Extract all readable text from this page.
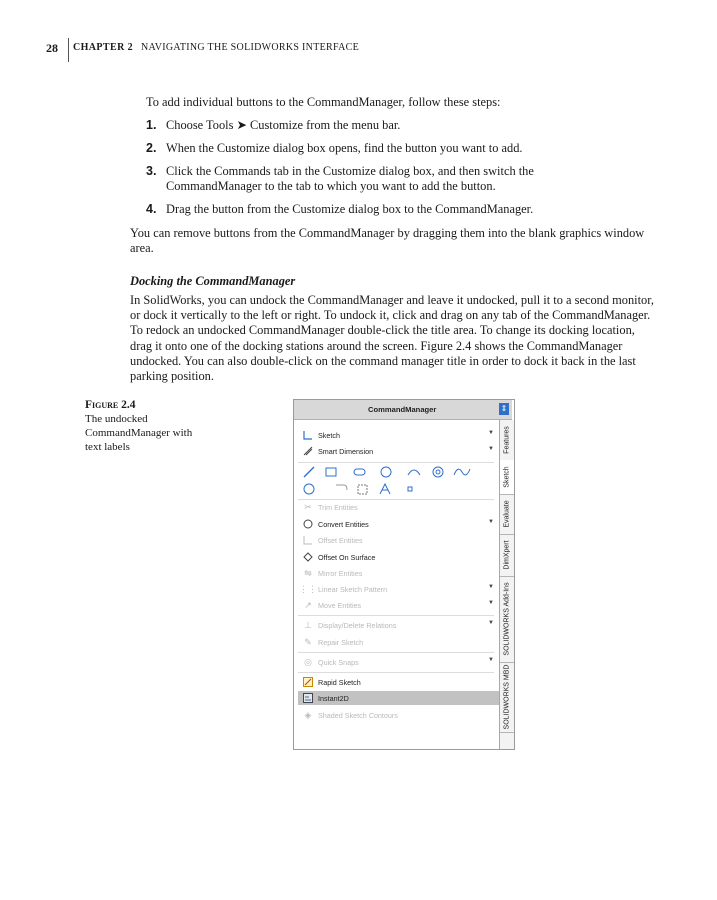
28	CHAPTER 2 NAVIGATING THE SOLIDWORKS INTERFACE
To add individual buttons to the CommandManager, follow these steps:
1. Choose Tools ➤ Customize from the menu bar.
2. When the Customize dialog box opens, find the button you want to add.
3. Click the Commands tab in the Customize dialog box, and then switch the CommandManager to the tab to which you want to add the button.
4. Drag the button from the Customize dialog box to the CommandManager.
You can remove buttons from the CommandManager by dragging them into the blank graphics window area.
Docking the CommandManager
In SolidWorks, you can undock the CommandManager and leave it undocked, pull it to a second monitor, or dock it vertically to the left or right. To undock it, click and drag on any tab of the CommandManager. To redock an undocked CommandManager double-click the title area. To change its docking location, drag it onto one of the docking stations around the screen. Figure 2.4 shows the CommandManager undocked. You can also double-click on the command manager title in order to dock it back in the last parking position.
Figure 2.4
The undocked CommandManager with text labels
CommandManager	⇕
Sketch	▼
Smart Dimension	▼
✂ Trim Entities
Convert Entities	▼
Offset Entities
Offset On Surface
⇋ Mirror Entities
⋮⋮ Linear Sketch Pattern	▼
↗ Move Entities	▼
⊥ Display/Delete Relations	▼
✎ Repair Sketch
◎ Quick Snaps	▼
Rapid Sketch
Instant2D
◈ Shaded Sketch Contours
Features
Sketch
Evaluate
DimXpert
SOLIDWORKS Add-Ins
SOLIDWORKS MBD
